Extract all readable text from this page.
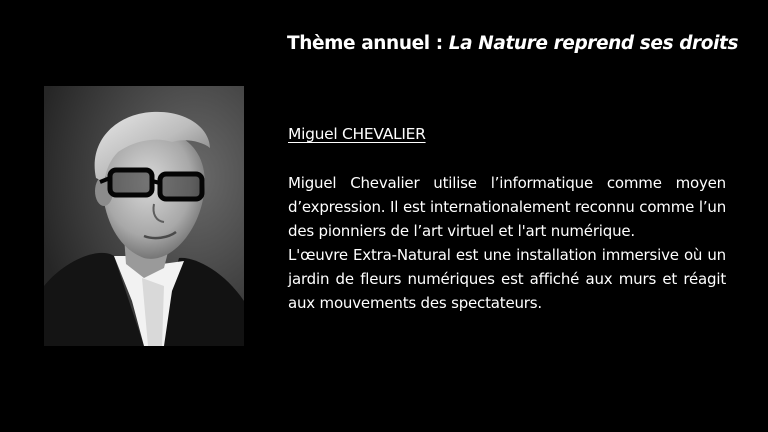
Thème annuel : La Nature reprend ses droits
Miguel CHEVALIER

Miguel Chevalier utilise l’informatique comme moyen d’expression. Il est internationalement reconnu comme l’un des pionniers de l’art virtuel et l'art numérique.

L'œuvre Extra-Natural est une installation immersive où un jardin de fleurs numériques est affiché aux murs et réagit aux mouvements des spectateurs.
